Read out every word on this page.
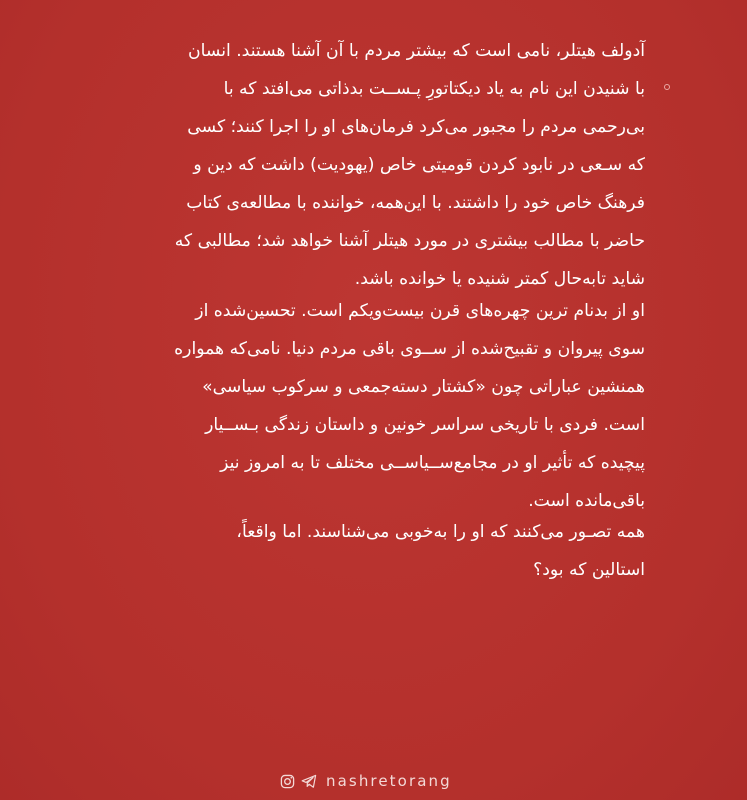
آدولف هیتلر، نامی است که بیشتر مردم با آن آشنا هستند. انسان
با شنیدن این نام به یاد دیکتاتورِ پـســت بدذاتی می‌افتد که با
بی‌رحمی مردم را مجبور می‌کرد فرمان‌های او را اجرا کنند؛ کسی
که سـعی در نابود کردن قومیتی خاص (یهودیت) داشت که دین و
فرهنگ خاص خود را داشتند. با این‌همه، خواننده با مطالعه‌ی کتاب
حاضر با مطالب بیشتری در مورد هیتلر آشنا خواهد شد؛ مطالبی که
شاید تابه‌حال کمتر شنیده یا خوانده باشد.
او از بدنام ترین چهره‌های قرن بیست‌ویکم است. تحسین‌شده از
سوی پیروان و تقبیح‌شده از ســوی باقی مردم دنیا. نامی‌که همواره
همنشین عباراتی چون «کشتار دسته‌جمعی و سرکوب سیاسی»
است. فردی با تاریخی سراسر خونین و داستان زندگی بـســیار
پیچیده که تأثیر او در مجامع‌ســیاســی مختلف تا به امروز نیز
باقی‌مانده است.
همه تصـور می‌کنند که او را به‌خوبی می‌شناسند. اما واقعاً،
استالین که بود؟
nashretorang
